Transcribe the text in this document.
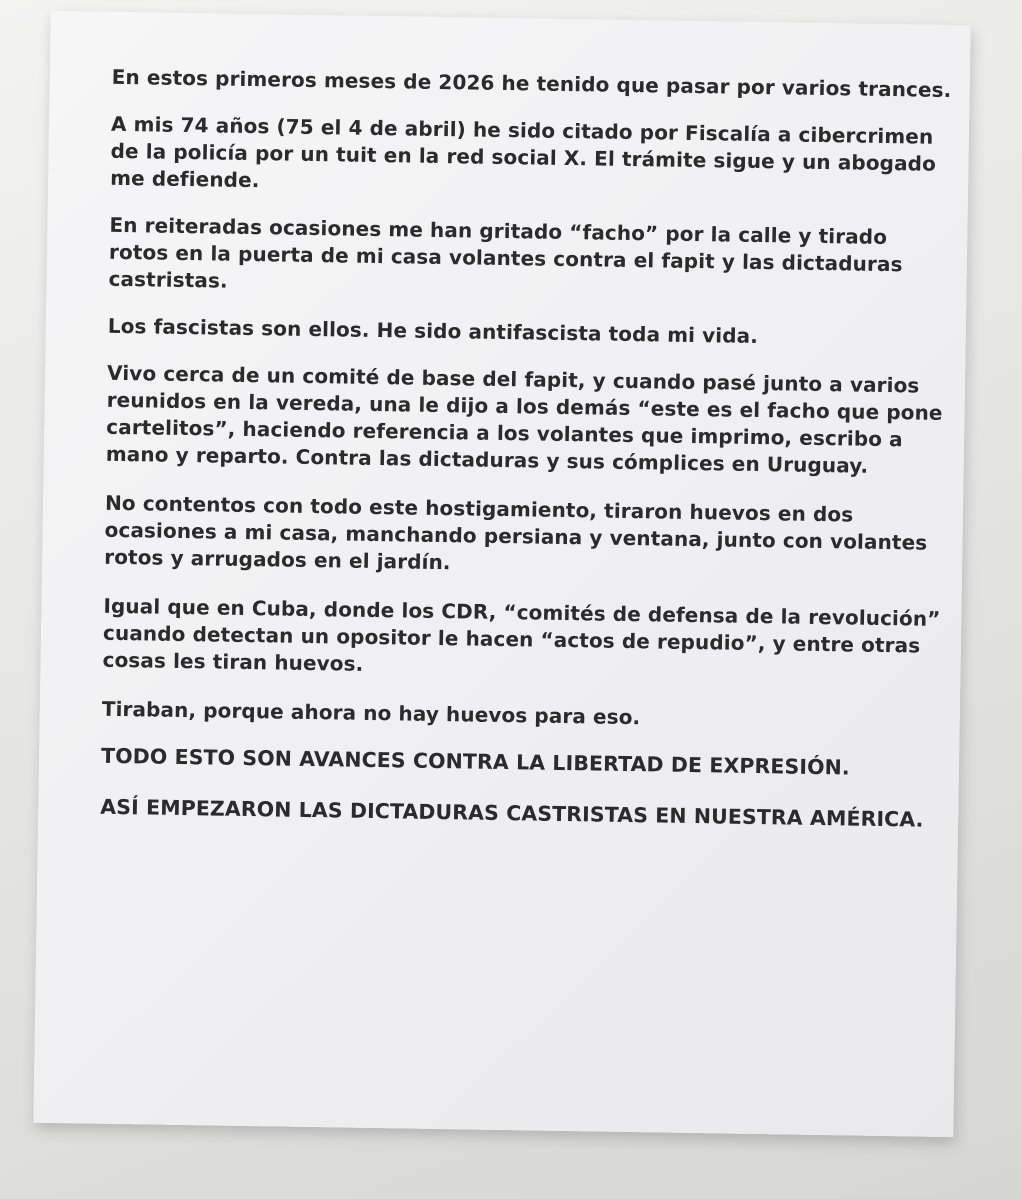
En estos primeros meses de 2026 he tenido que pasar por varios trances.

A mis 74 años (75 el 4 de abril) he sido citado por Fiscalía a cibercrimen de la policía por un tuit en la red social X. El trámite sigue y un abogado me defiende.

En reiteradas ocasiones me han gritado “facho” por la calle y tirado rotos en la puerta de mi casa volantes contra el fapit y las dictaduras castristas.

Los fascistas son ellos. He sido antifascista toda mi vida.

Vivo cerca de un comité de base del fapit, y cuando pasé junto a varios reunidos en la vereda, una le dijo a los demás “este es el facho que pone cartelitos”, haciendo referencia a los volantes que imprimo, escribo a mano y reparto. Contra las dictaduras y sus cómplices en Uruguay.

No contentos con todo este hostigamiento, tiraron huevos en dos ocasiones a mi casa, manchando persiana y ventana, junto con volantes rotos y arrugados en el jardín.

Igual que en Cuba, donde los CDR, “comités de defensa de la revolución” cuando detectan un opositor le hacen “actos de repudio”, y entre otras cosas les tiran huevos.

Tiraban, porque ahora no hay huevos para eso.

TODO ESTO SON AVANCES CONTRA LA LIBERTAD DE EXPRESIÓN.

ASÍ EMPEZARON LAS DICTADURAS CASTRISTAS EN NUESTRA AMÉRICA.
